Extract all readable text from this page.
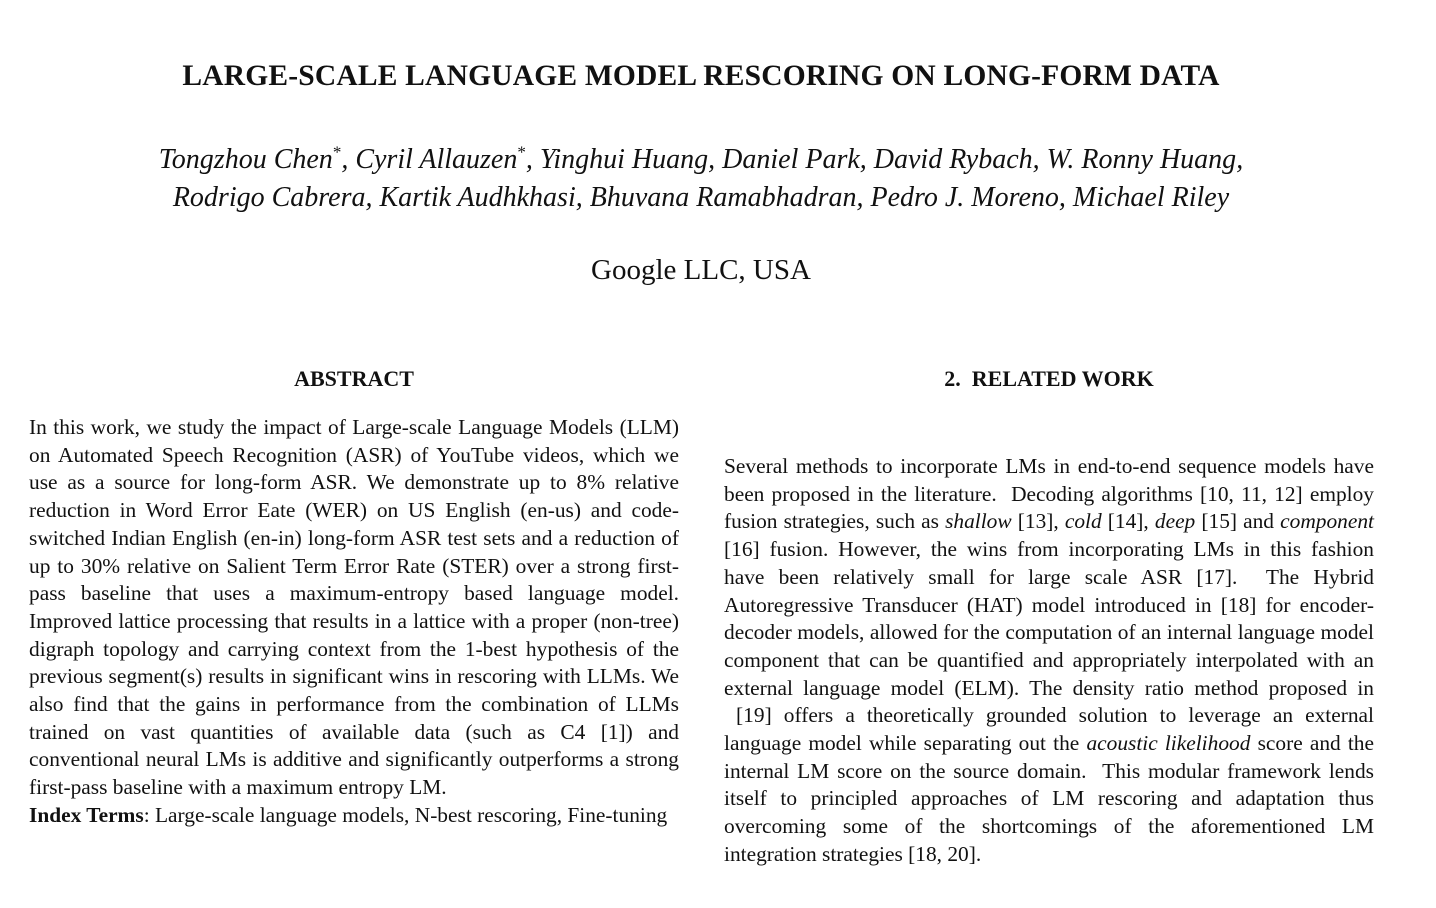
LARGE-SCALE LANGUAGE MODEL RESCORING ON LONG-FORM DATA
Tongzhou Chen*, Cyril Allauzen*, Yinghui Huang, Daniel Park, David Rybach, W. Ronny Huang,
Rodrigo Cabrera, Kartik Audhkhasi, Bhuvana Ramabhadran, Pedro J. Moreno, Michael Riley
Google LLC, USA
ABSTRACT
In this work, we study the impact of Large-scale Language Models (LLM) on Automated Speech Recognition (ASR) of YouTube videos, which we use as a source for long-form ASR. We demonstrate up to 8% relative reduction in Word Error Eate (WER) on US English (en-us) and code-switched Indian English (en-in) long-form ASR test sets and a reduction of up to 30% relative on Salient Term Error Rate (STER) over a strong first-pass baseline that uses a maximum-entropy based language model. Improved lattice processing that results in a lattice with a proper (non-tree) digraph topology and carrying context from the 1-best hypothesis of the previous segment(s) results in significant wins in rescoring with LLMs. We also find that the gains in performance from the combination of LLMs trained on vast quantities of available data (such as C4 [1]) and conventional neural LMs is additive and significantly outperforms a strong first-pass baseline with a maximum entropy LM.
Index Terms: Large-scale language models, N-best rescoring, Fine-tuning
2.  RELATED WORK
Several methods to incorporate LMs in end-to-end sequence models have been proposed in the literature.  Decoding algorithms [10, 11, 12] employ fusion strategies, such as shallow [13], cold [14], deep [15] and component [16] fusion. However, the wins from incorporating LMs in this fashion have been relatively small for large scale ASR [17].  The Hybrid Autoregressive Transducer (HAT) model introduced in [18] for encoder-decoder models, allowed for the computation of an internal language model component that can be quantified and appropriately interpolated with an external language model (ELM). The density ratio method proposed in  [19] offers a theoretically grounded solution to leverage an external language model while separating out the acoustic likelihood score and the internal LM score on the source domain.  This modular framework lends itself to principled approaches of LM rescoring and adaptation thus overcoming some of the shortcomings of the aforementioned LM integration strategies [18, 20].
